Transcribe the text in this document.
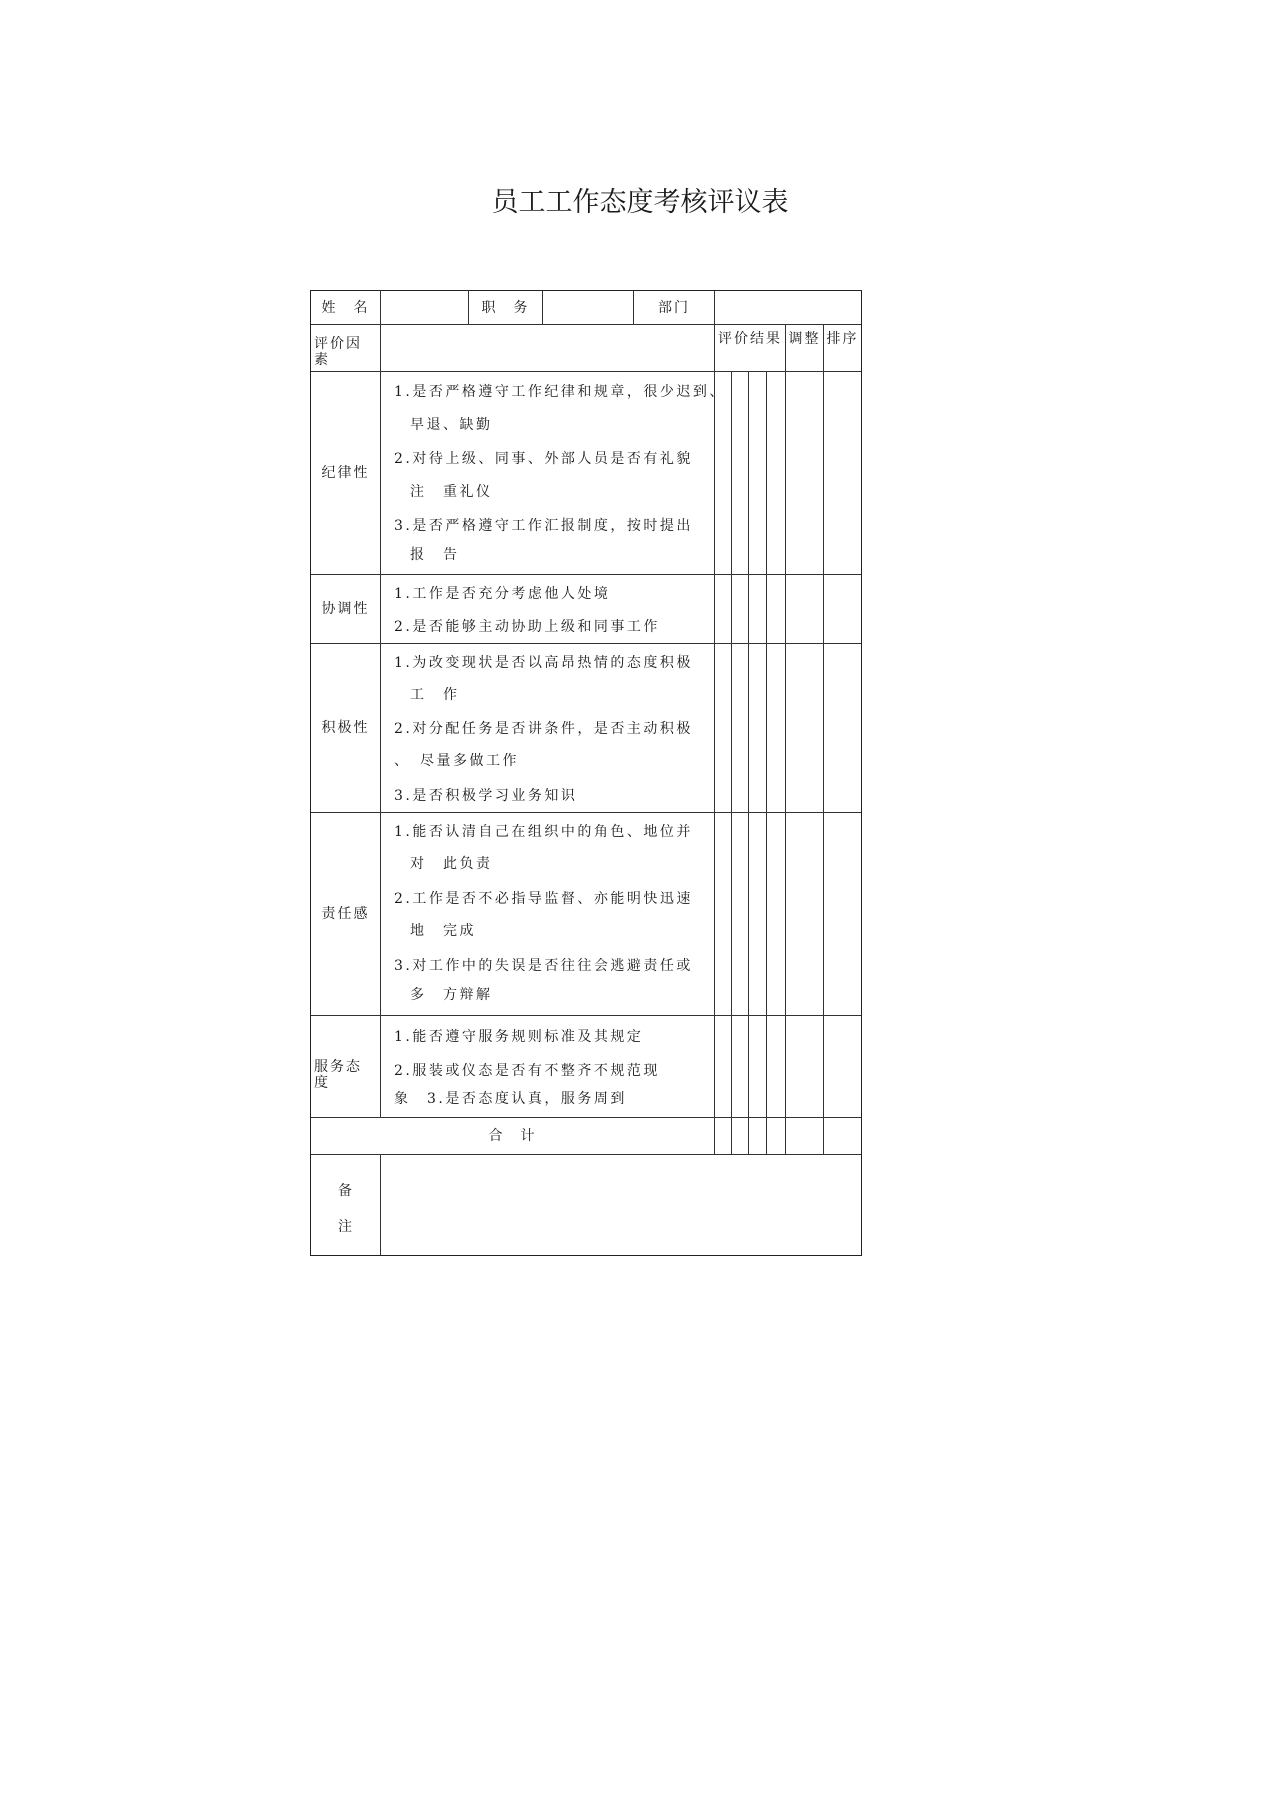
员工工作态度考核评议表
姓　名	职　务	部门
评价因素
评价结果 调整 排序
纪律性
协调性
积极性
责任感
服务态度
1.是否严格遵守工作纪律和规章，很少迟到、
早退、缺勤
2.对待上级、同事、外部人员是否有礼貌
注　重礼仪
3.是否严格遵守工作汇报制度，按时提出
报　告
1.工作是否充分考虑他人处境
2.是否能够主动协助上级和同事工作
1.为改变现状是否以高昂热情的态度积极
工　作
2.对分配任务是否讲条件，是否主动积极
、　尽量多做工作
3.是否积极学习业务知识
1.能否认清自己在组织中的角色、地位并
对　此负责
2.工作是否不必指导监督、亦能明快迅速
地　完成
3.对工作中的失误是否往往会逃避责任或
多　方辩解
1.能否遵守服务规则标准及其规定
2.服装或仪态是否有不整齐不规范现
象　3.是否态度认真，服务周到
合　计
备
注
